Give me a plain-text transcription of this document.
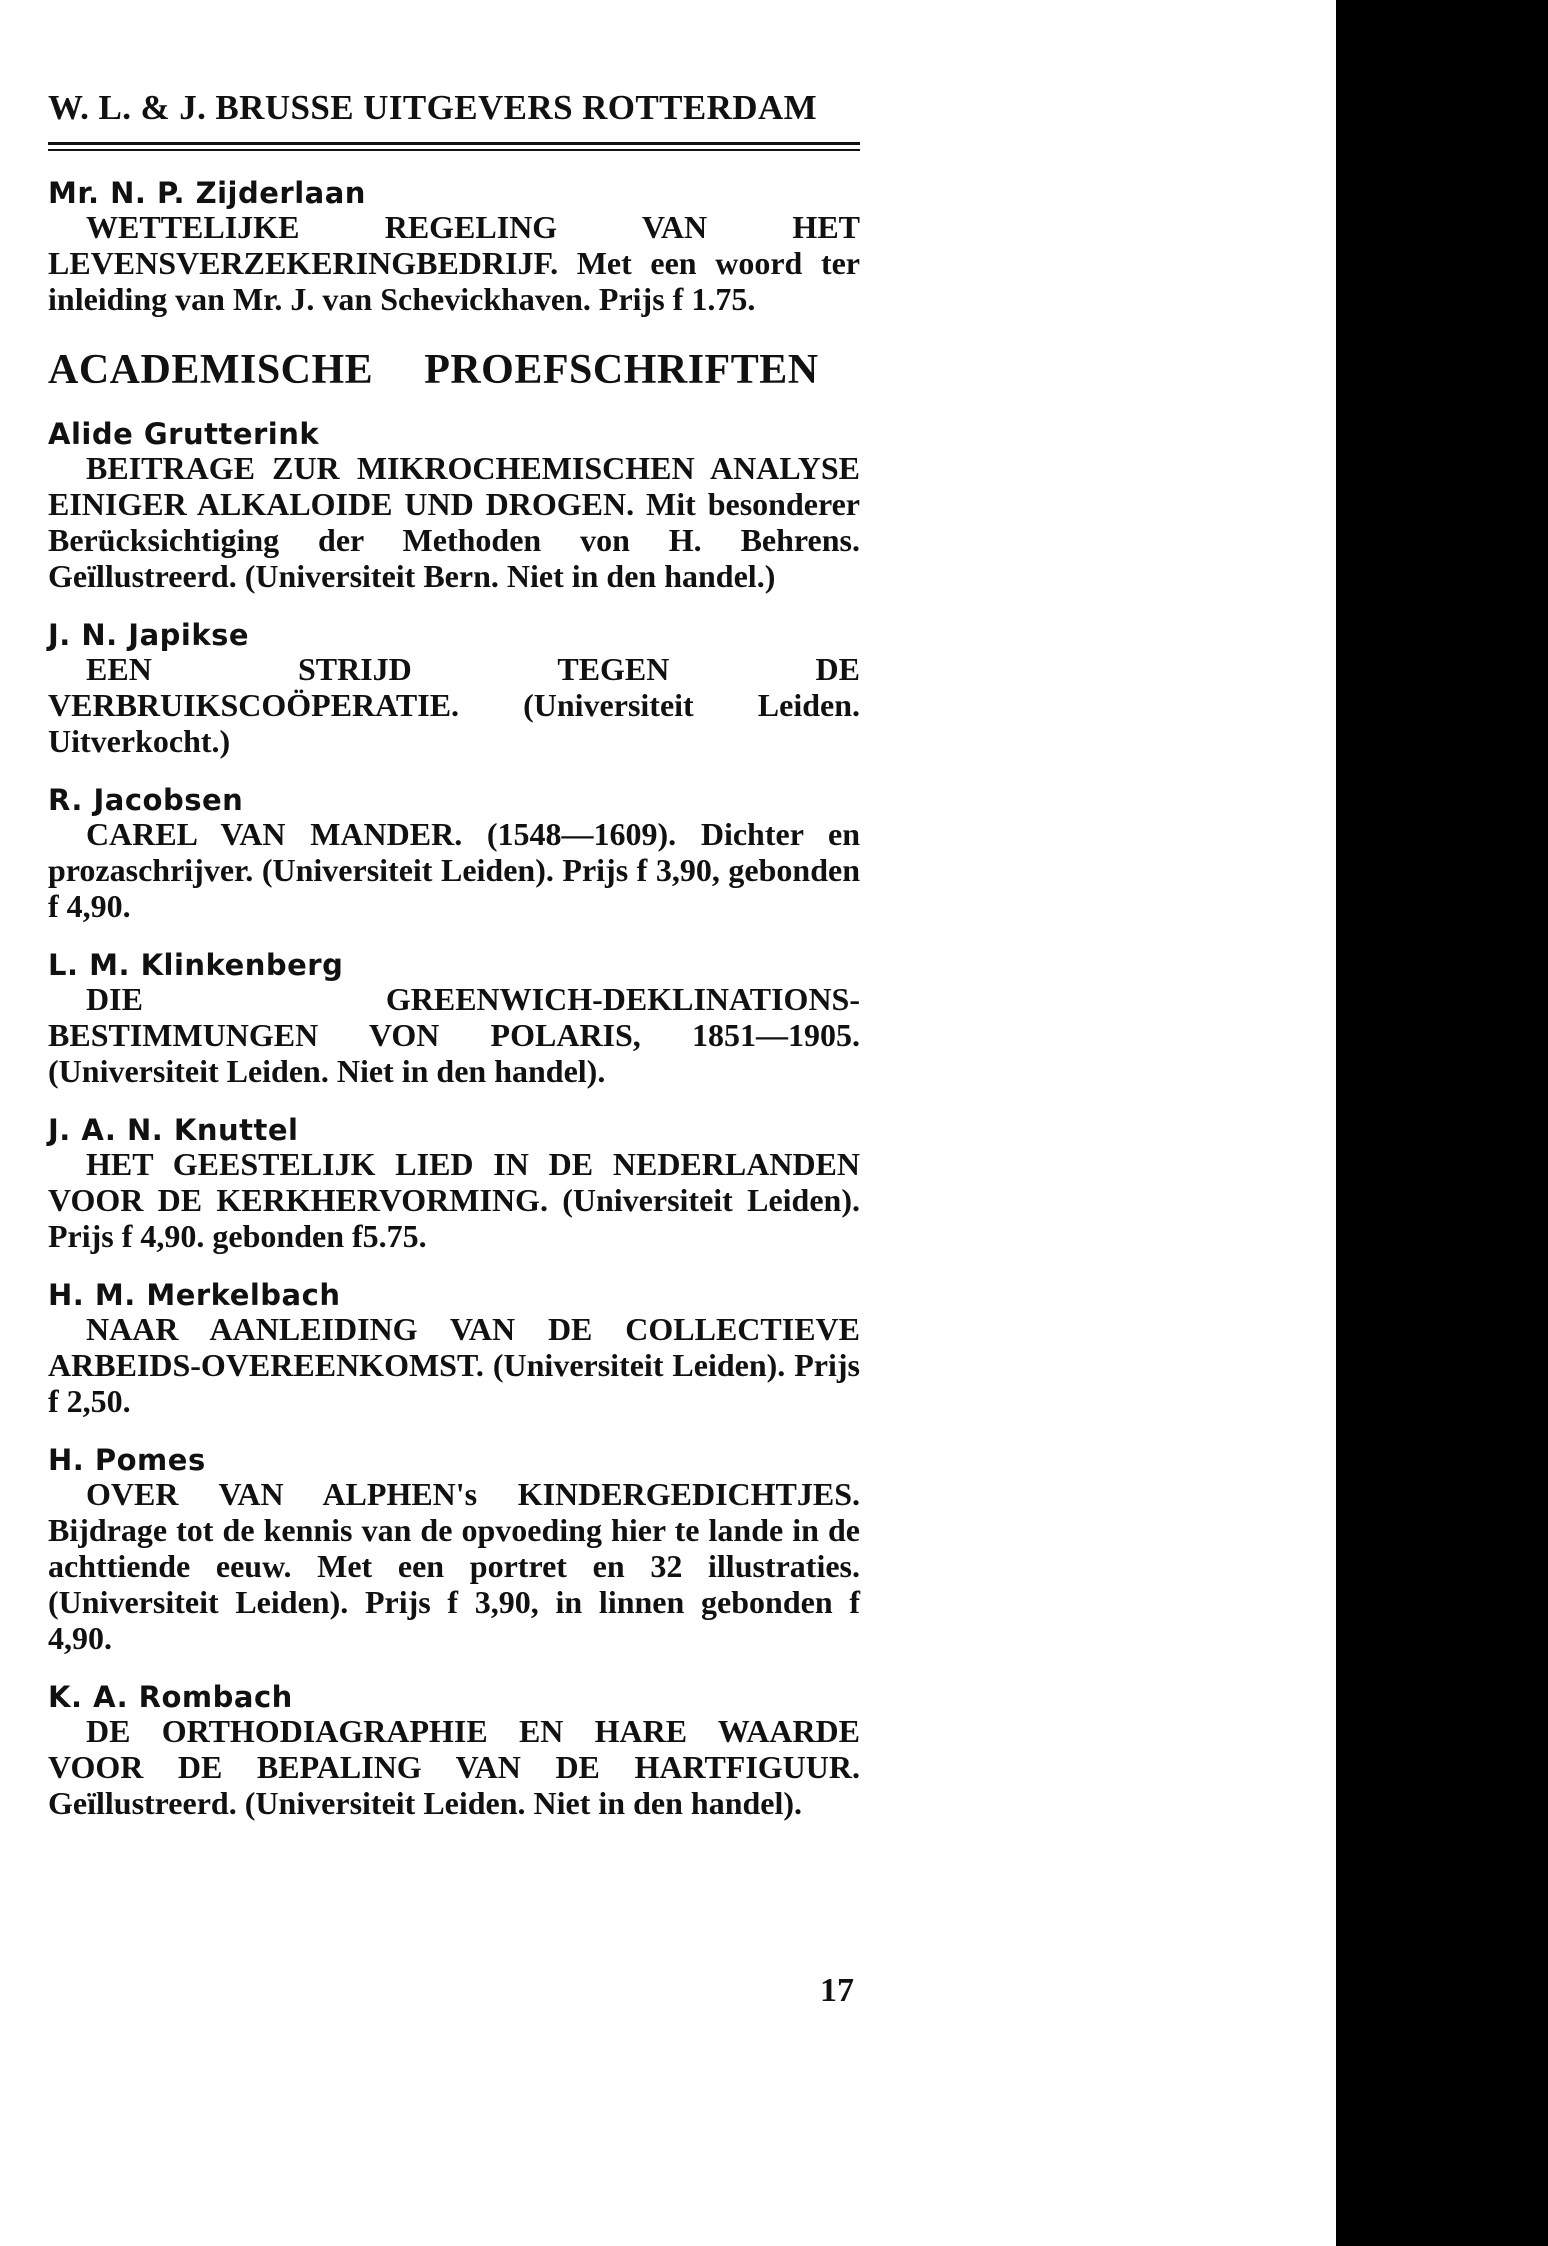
W. L. & J. BRUSSE UITGEVERS ROTTERDAM
Mr. N. P. Zijderlaan
WETTELIJKE REGELING VAN HET LEVENSVERZEKERINGBEDRIJF. Met een woord ter inleiding van Mr. J. van Schevickhaven. Prijs f 1.75.
ACADEMISCHE PROEFSCHRIFTEN
Alide Grutterink
BEITRAGE ZUR MIKROCHEMISCHEN ANALYSE EINIGER ALKALOIDE UND DROGEN. Mit besonderer Berücksichtiging der Methoden von H. Behrens. Geïllustreerd. (Universiteit Bern. Niet in den handel.)
J. N. Japikse
EEN STRIJD TEGEN DE VERBRUIKSCOÖPERATIE. (Universiteit Leiden. Uitverkocht.)
R. Jacobsen
CAREL VAN MANDER. (1548—1609). Dichter en prozaschrijver. (Universiteit Leiden). Prijs f 3,90, gebonden f 4,90.
L. M. Klinkenberg
DIE GREENWICH-DEKLINATIONS-BESTIMMUNGEN VON POLARIS, 1851—1905. (Universiteit Leiden. Niet in den handel).
J. A. N. Knuttel
HET GEESTELIJK LIED IN DE NEDERLANDEN VOOR DE KERKHERVORMING. (Universiteit Leiden). Prijs f 4,90. gebonden f5.75.
H. M. Merkelbach
NAAR AANLEIDING VAN DE COLLECTIEVE ARBEIDS-OVEREENKOMST. (Universiteit Leiden). Prijs f 2,50.
H. Pomes
OVER VAN ALPHEN's KINDERGEDICHTJES. Bijdrage tot de kennis van de opvoeding hier te lande in de achttiende eeuw. Met een portret en 32 illustraties. (Universiteit Leiden). Prijs f 3,90, in linnen gebonden f 4,90.
K. A. Rombach
DE ORTHODIAGRAPHIE EN HARE WAARDE VOOR DE BEPALING VAN DE HARTFIGUUR. Geïllustreerd. (Universiteit Leiden. Niet in den handel).
17
